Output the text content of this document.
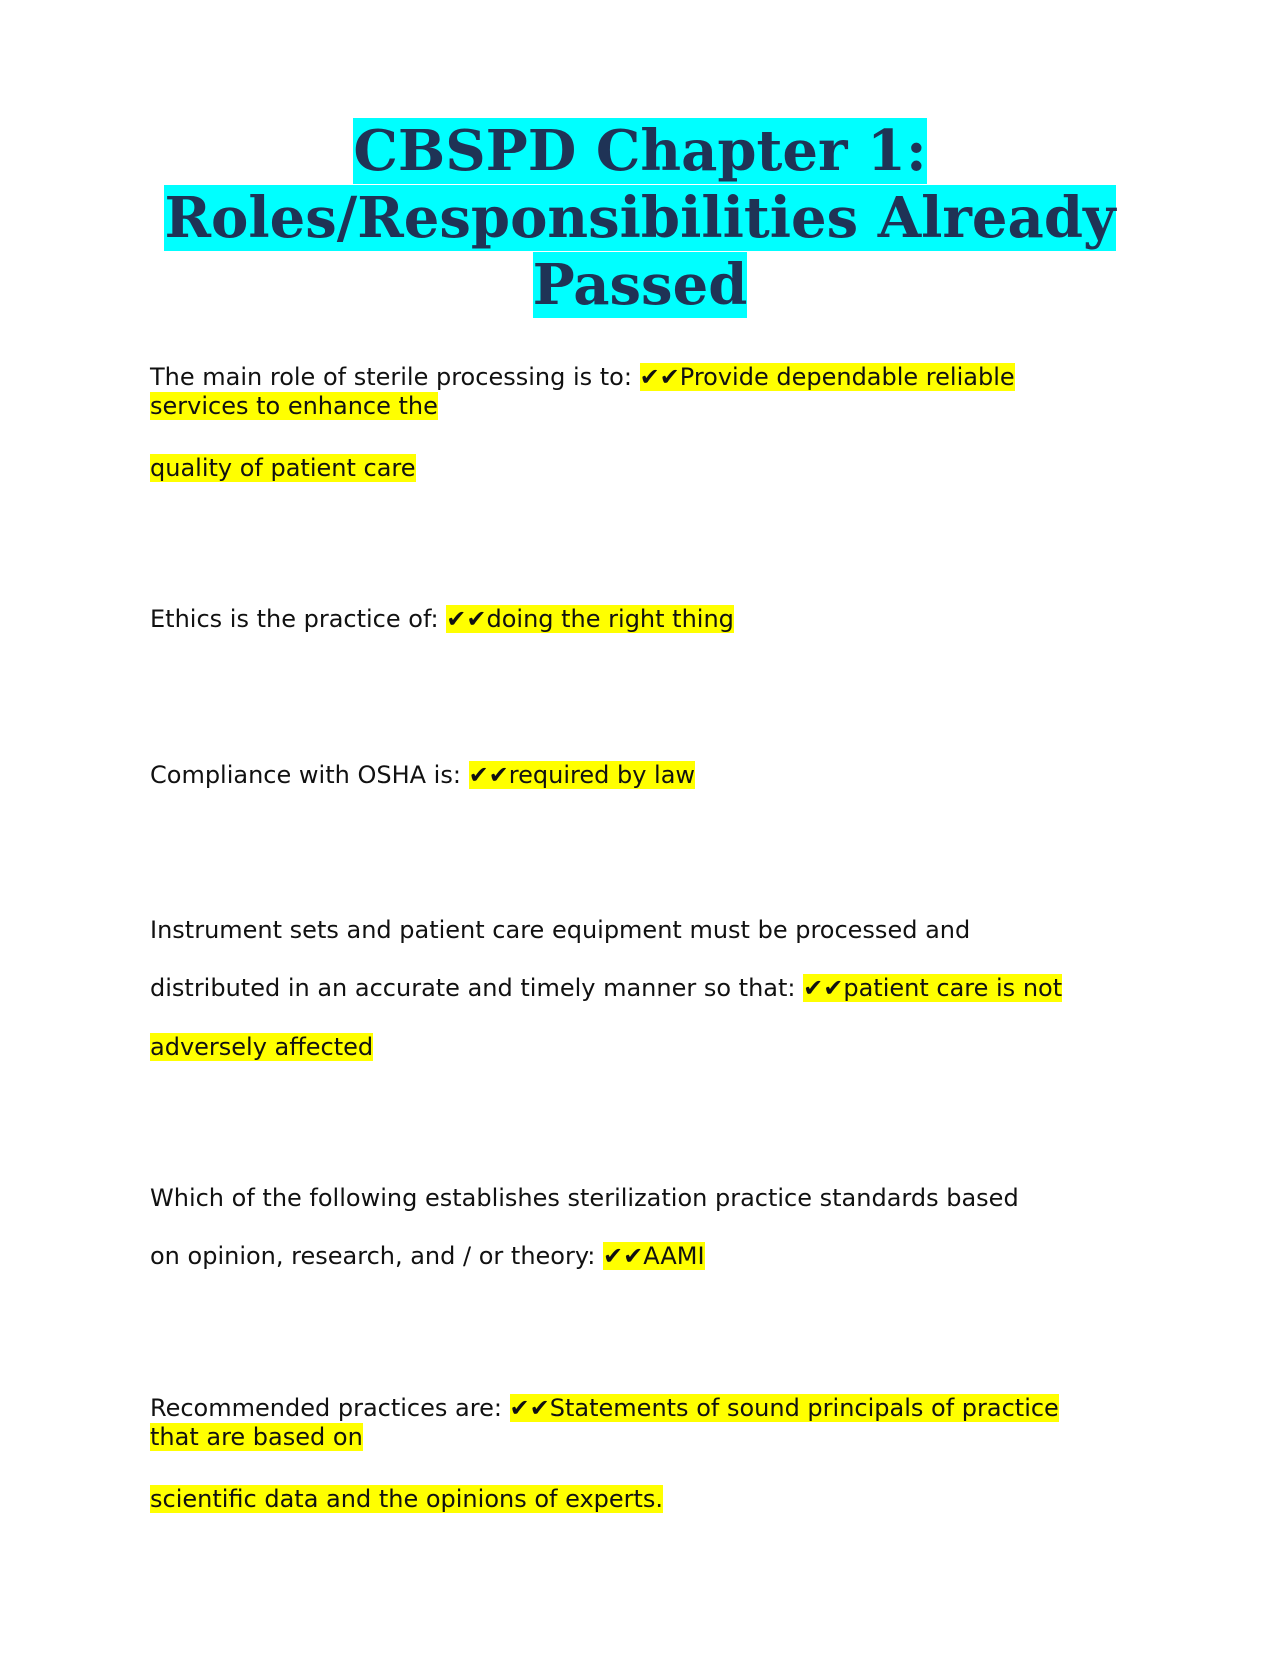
CBSPD Chapter 1:
Roles/Responsibilities Already
Passed

The main role of sterile processing is to: ✔✔Provide dependable reliable

services to enhance the

quality of patient care

Ethics is the practice of: ✔✔doing the right thing

Compliance with OSHA is: ✔✔required by law

Instrument sets and patient care equipment must be processed and

distributed in an accurate and timely manner so that: ✔✔patient care is not

adversely affected

Which of the following establishes sterilization practice standards based

on opinion, research, and / or theory: ✔✔AAMI

Recommended practices are: ✔✔Statements of sound principals of practice

that are based on

scientific data and the opinions of experts.
